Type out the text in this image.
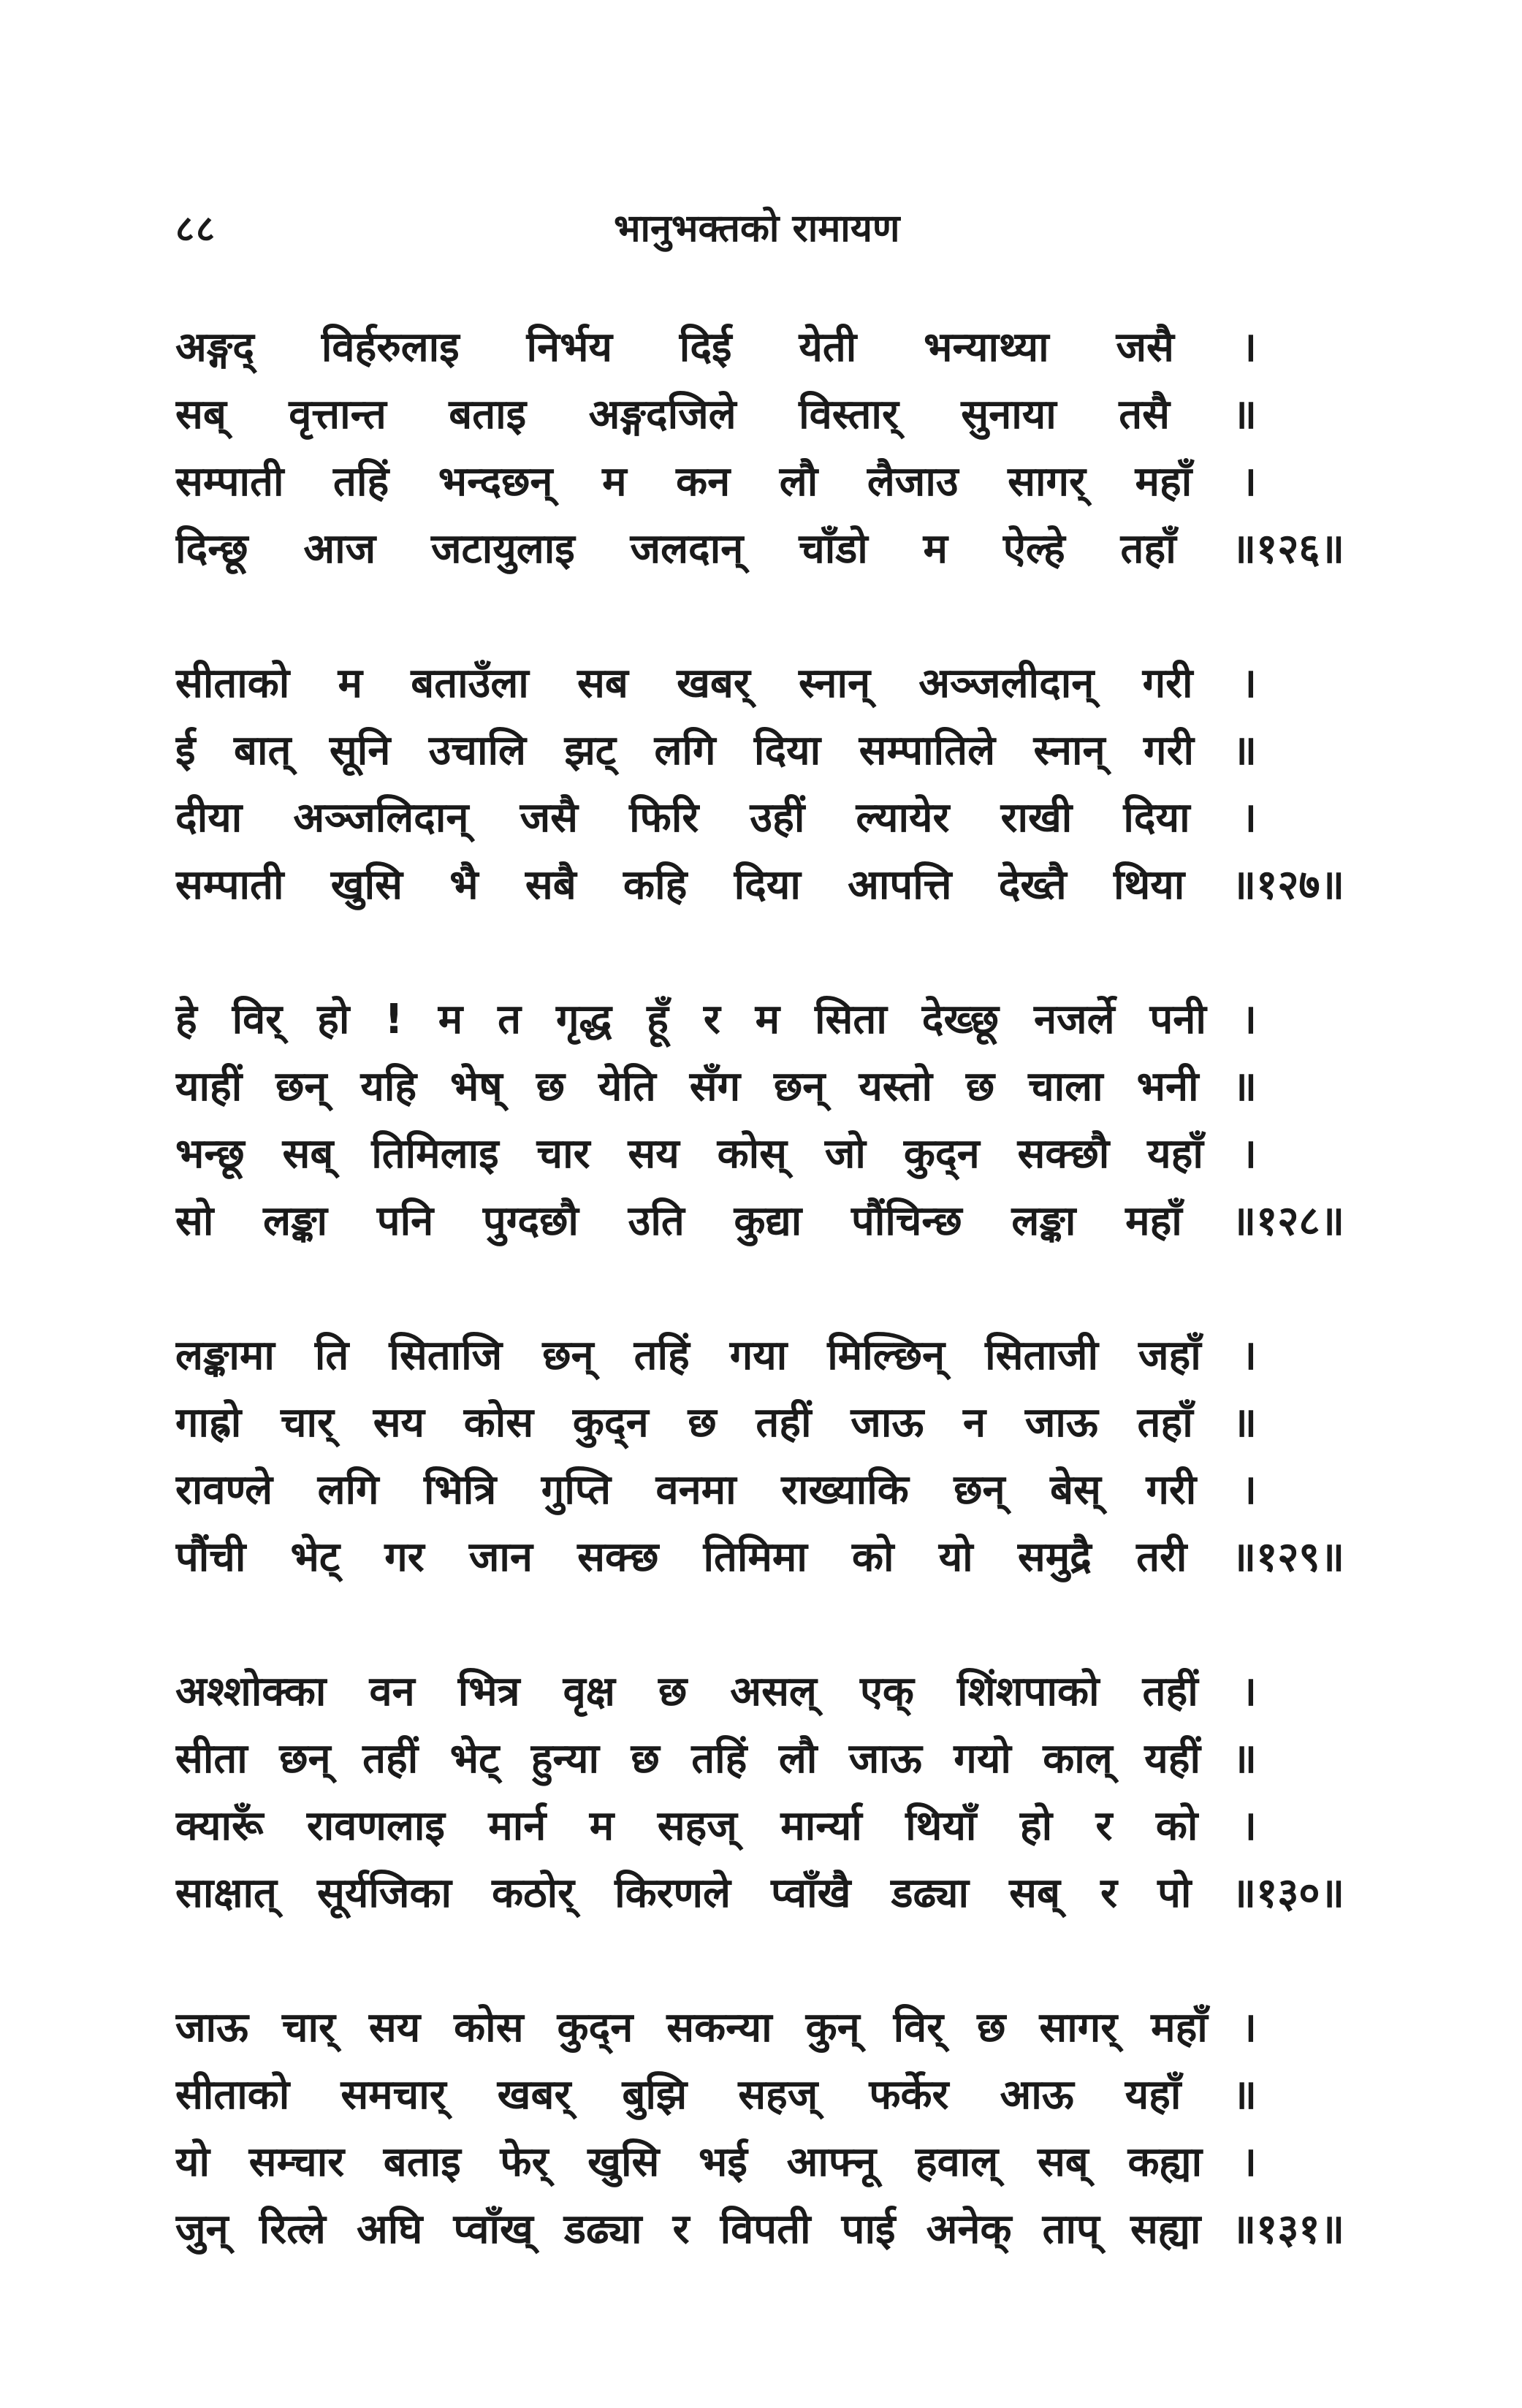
८८	भानुभक्तको रामायण
अङ्गद् विर्हरुलाइ निर्भय दिई येती भन्याथ्या जसै ।
सब् वृत्तान्त बताइ अङ्गदजिले विस्तार् सुनाया तसै ॥
सम्पाती तहिं भन्दछन् म कन लौ लैजाउ सागर् महाँ ।
दिन्छू आज जटायुलाइ जलदान् चाँडो म ऐल्हे तहाँ ॥१२६॥
सीताको म बताउँला सब खबर् स्नान् अञ्जलीदान् गरी ।
ई बात् सूनि उचालि झट् लगि दिया सम्पातिले स्नान् गरी ॥
दीया अञ्जलिदान् जसै फिरि उहीं ल्यायेर राखी दिया ।
सम्पाती खुसि भै सबै कहि दिया आपत्ति देख्तै थिया ॥१२७॥
हे विर् हो ! म त गृद्ध हूँ र म सिता देख्छू नजर्ले पनी ।
याहीं छन् यहि भेष् छ येति सँग छन् यस्तो छ चाला भनी ॥
भन्छू सब् तिमिलाइ चार सय कोस् जो कुद्न सक्छौ यहाँ ।
सो लङ्का पनि पुग्दछौ उति कुद्या पौंचिन्छ लङ्का महाँ ॥१२८॥
लङ्कामा ति सिताजि छन् तहिं गया मिल्छिन् सिताजी जहाँ ।
गाह्रो चार् सय कोस कुद्न छ तहीं जाऊ न जाऊ तहाँ ॥
रावण्ले लगि भित्रि गुप्ति वनमा राख्याकि छन् बेस् गरी ।
पौंची भेट् गर जान सक्छ तिमिमा को यो समुद्रै तरी ॥१२९॥
अश्शोक्का वन भित्र वृक्ष छ असल् एक् शिंशपाको तहीं ।
सीता छन् तहीं भेट् हुन्या छ तहिं लौ जाऊ गयो काल् यहीं ॥
क्यारूँ रावणलाइ मार्न म सहज् मार्न्या थियाँ हो र को ।
साक्षात् सूर्यजिका कठोर् किरणले प्वाँखै डढ्या सब् र पो ॥१३०॥
जाऊ चार् सय कोस कुद्न सकन्या कुन् विर् छ सागर् महाँ ।
सीताको समचार् खबर् बुझि सहज् फर्केर आऊ यहाँ ॥
यो सम्चार बताइ फेर् खुसि भई आफ्नू हवाल् सब् कह्या ।
जुन् रित्ले अघि प्वाँख् डढ्या र विपती पाई अनेक् ताप् सह्या ॥१३१॥
